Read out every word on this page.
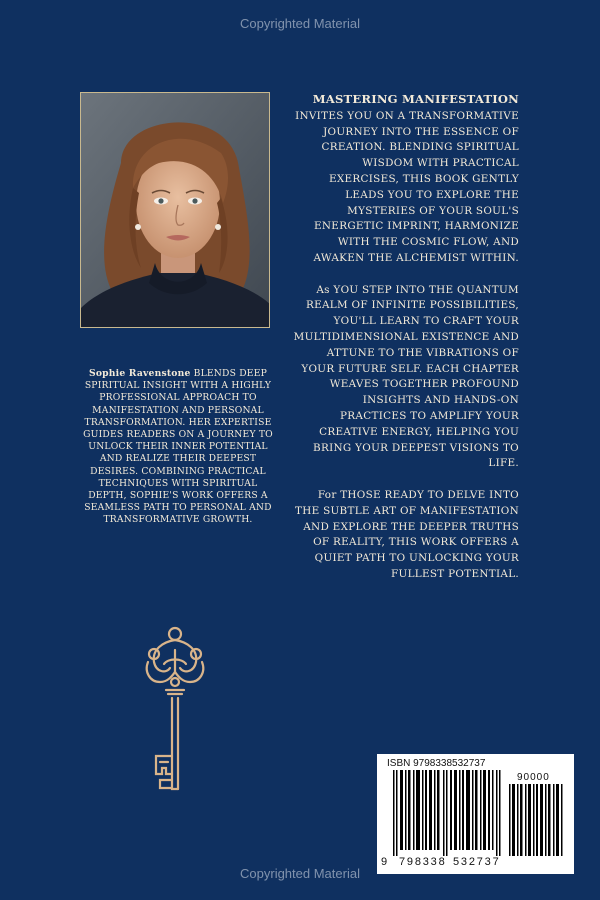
Copyrighted Material
Sophie Ravenstone BLENDS DEEP SPIRITUAL INSIGHT WITH A HIGHLY PROFESSIONAL APPROACH TO MANIFESTATION AND PERSONAL TRANSFORMATION. HER EXPERTISE GUIDES READERS ON A JOURNEY TO UNLOCK THEIR INNER POTENTIAL AND REALIZE THEIR DEEPEST DESIRES. COMBINING PRACTICAL TECHNIQUES WITH SPIRITUAL DEPTH, SOPHIE'S WORK OFFERS A SEAMLESS PATH TO PERSONAL AND TRANSFORMATIVE GROWTH.

MASTERING MANIFESTATION
INVITES YOU ON A TRANSFORMATIVE JOURNEY INTO THE ESSENCE OF CREATION. BLENDING SPIRITUAL WISDOM WITH PRACTICAL EXERCISES, THIS BOOK GENTLY LEADS YOU TO EXPLORE THE MYSTERIES OF YOUR SOUL'S ENERGETIC IMPRINT, HARMONIZE WITH THE COSMIC FLOW, AND AWAKEN THE ALCHEMIST WITHIN.

As YOU STEP INTO THE QUANTUM REALM OF INFINITE POSSIBILITIES, YOU'LL LEARN TO CRAFT YOUR MULTIDIMENSIONAL EXISTENCE AND ATTUNE TO THE VIBRATIONS OF YOUR FUTURE SELF. EACH CHAPTER WEAVES TOGETHER PROFOUND INSIGHTS AND HANDS-ON PRACTICES TO AMPLIFY YOUR CREATIVE ENERGY, HELPING YOU BRING YOUR DEEPEST VISIONS TO LIFE.

For THOSE READY TO DELVE INTO THE SUBTLE ART OF MANIFESTATION AND EXPLORE THE DEEPER TRUTHS OF REALITY, THIS WORK OFFERS A QUIET PATH TO UNLOCKING YOUR FULLEST POTENTIAL.

ISBN 9798338532737
90000
9 798338 532737
Copyrighted Material
